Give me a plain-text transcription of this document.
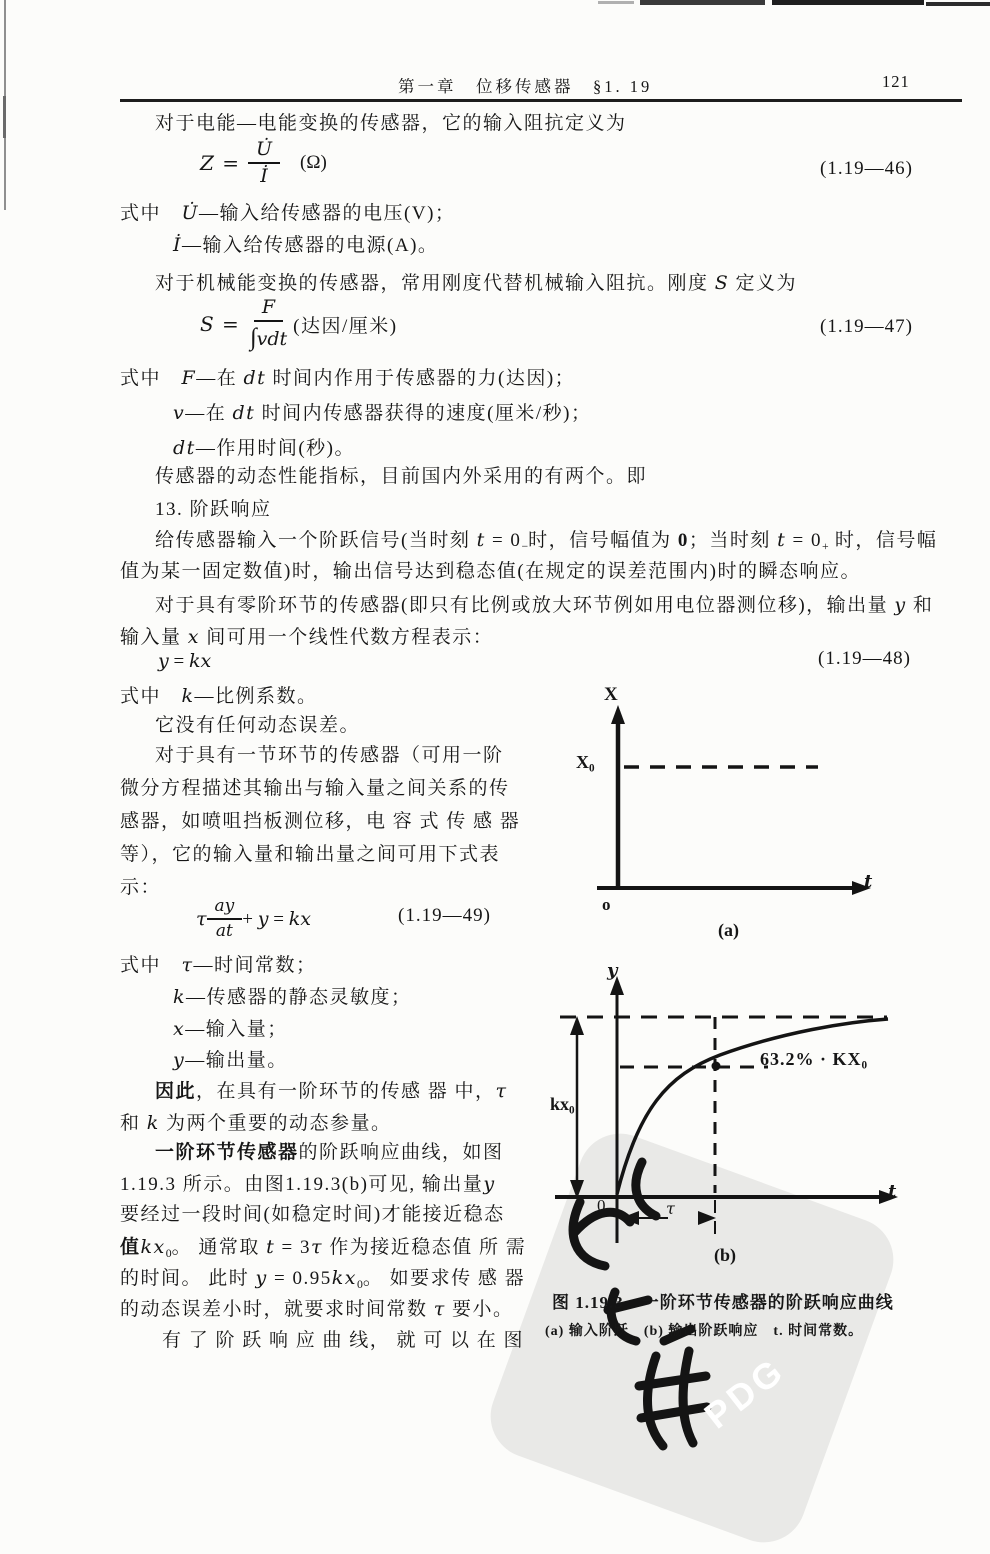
PDG
第一章　位移传感器　§1. 19	121
对于电能—电能变换的传感器，它的输入阻抗定义为
$Z = \frac{U̇}{İ} (\Omega)$	(1.19—46)
式中　U̇—输入给传感器的电压(V)；
İ—输入给传感器的电源(A)。
对于机械能变换的传感器，常用刚度代替机械输入阻抗。刚度 S 定义为
$S = \frac{F}{\text{∫vdt}}$ (达因/厘米)	(1.19—47)
式中　F—在 dt 时间内作用于传感器的力(达因)；
v—在 dt 时间内传感器获得的速度(厘米/秒)；
dt—作用时间(秒)。
传感器的动态性能指标，目前国内外采用的有两个。即
13. 阶跃响应
给传感器输入一个阶跃信号(当时刻 $t = 0_-$时，信号幅值为 0；当时刻 $t = 0_+$ 时，信号幅
值为某一固定数值)时，输出信号达到稳态值(在规定的误差范围内)时的瞬态响应。
对于具有零阶环节的传感器(即只有比例或放大环节例如用电位器测位移)，输出量 y 和
输入量 x 间可用一个线性代数方程表示：
y = kx	(1.19—48)
式中　k—比例系数。
它没有任何动态误差。
对于具有一节环节的传感器（可用一阶
微分方程描述其输出与输入量之间关系的传
感器，如喷咀挡板测位移，电 容 式 传 感 器
等），它的输入量和输出量之间可用下式表
示：
τ $\frac{ay}{at} + y$ = kx	(1.19—49)
式中　τ—时间常数；
k—传感器的静态灵敏度；
x—输入量；
y—输出量。
因此，在具有一阶环节的传感 器 中，τ
和 k 为两个重要的动态参量。
一阶环节传感器的阶跃响应曲线，如图
1.19.3 所示。由图1.19.3(b)可见, 输出量y
要经过一段时间(如稳定时间)才能接近稳态
值$kx_0$。 通常取 t = 3τ 作为接近稳态值 所 需
的时间。 此时 $y = 0.95kx_0$。 如要求传 感 器
的动态误差小时，就要求时间常数 τ 要小。
有 了 阶 跃 响 应 曲 线， 就 可 以 在 图
X
$X_0$
t
o
(a)
y
t
0
$kx_0$
$63.2\% \cdot KX_0$
τ
(b)
图 1.19.3　一阶环节传感器的阶跃响应曲线
(a) 输入阶跃　(b) 输出阶跃响应　t. 时间常数。
